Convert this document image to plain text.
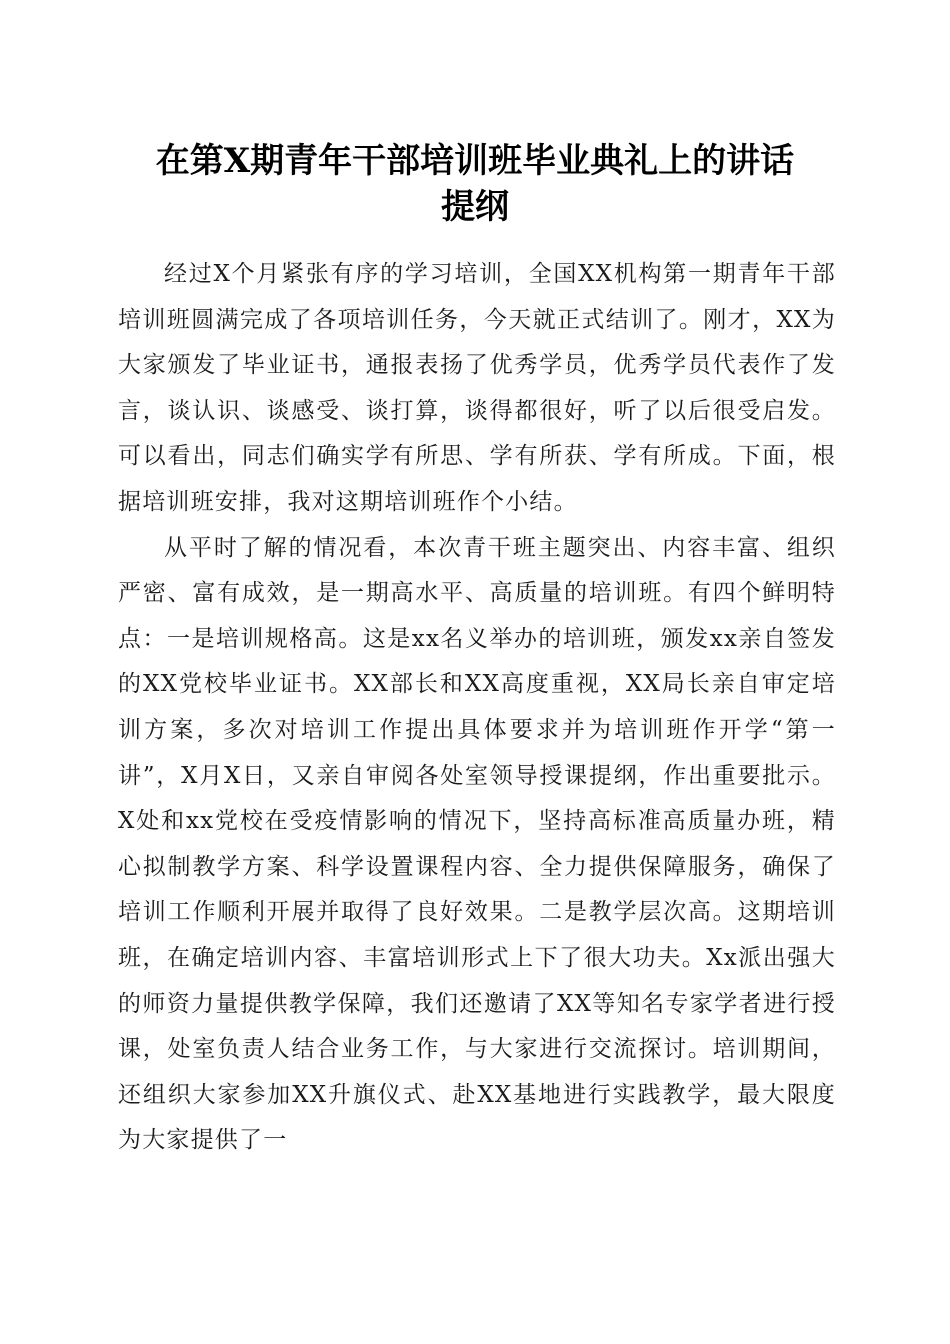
在第X期青年干部培训班毕业典礼上的讲话
提纲

经过X个月紧张有序的学习培训，全国XX机构第一期青年干部培训班圆满完成了各项培训任务，今天就正式结训了。刚才，XX为大家颁发了毕业证书，通报表扬了优秀学员，优秀学员代表作了发言，谈认识、谈感受、谈打算，谈得都很好，听了以后很受启发。可以看出，同志们确实学有所思、学有所获、学有所成。下面，根据培训班安排，我对这期培训班作个小结。

从平时了解的情况看，本次青干班主题突出、内容丰富、组织严密、富有成效，是一期高水平、高质量的培训班。有四个鲜明特点：一是培训规格高。这是xx名义举办的培训班，颁发xx亲自签发的XX党校毕业证书。XX部长和XX高度重视，XX局长亲自审定培训方案，多次对培训工作提出具体要求并为培训班作开学“第一讲”，X月X日，又亲自审阅各处室领导授课提纲，作出重要批示。X处和xx党校在受疫情影响的情况下，坚持高标准高质量办班，精心拟制教学方案、科学设置课程内容、全力提供保障服务，确保了培训工作顺利开展并取得了良好效果。二是教学层次高。这期培训班，在确定培训内容、丰富培训形式上下了很大功夫。Xx派出强大的师资力量提供教学保障，我们还邀请了XX等知名专家学者进行授课，处室负责人结合业务工作，与大家进行交流探讨。培训期间，还组织大家参加XX升旗仪式、赴XX基地进行实践教学，最大限度为大家提供了一
